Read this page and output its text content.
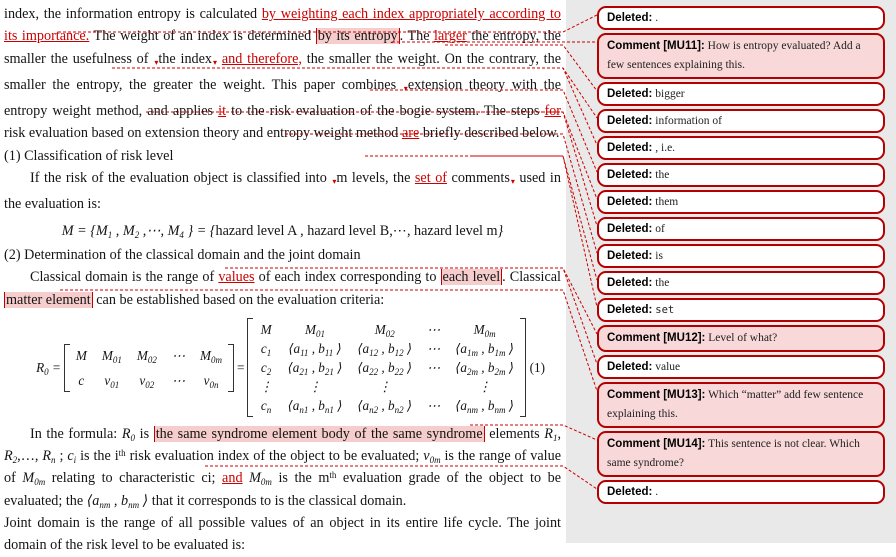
index, the information entropy is calculated by weighting each index appropriately according to its importance. The weight of an index is determined by its entropy . The larger the entropy, the smaller the usefulness of ▾the index▾ and therefore, the smaller the weight. On the contrary, the smaller the entropy, the greater the weight. This paper combines ▾extension theory with the entropy weight method, and applies it to the risk evaluation of the bogie system. The steps for risk evaluation based on extension theory and entropy weight method are briefly described below.
(1) Classification of risk level
If the risk of the evaluation object is classified into ▾m levels, the set of comments▾ used in the evaluation is:
$M = \{M_1$ , $M_2$ ,⋯, $M_4$ } = {hazard level A , hazard level B,⋯, hazard level m}
(2) Determination of the classical domain and the joint domain
Classical domain is the range of values of each index corresponding to each level . Classical matter element can be established based on the evaluation criteria:
$R_0$ =
M $M_{01}$ $M_{02}$ ⋯ $M_{0m}$
c $v_{01}$ $v_{02}$ ⋯ $v_{0n}$
=
M	$M_{01}$	$M_{02}$ ⋯	$M_{0m}$
$c_1$ $⟨a_{11}$ , $b_{11}$ ⟩ $⟨a_{12}$ , $b_{12}$ ⟩ ⋯ $⟨a_{1m}$ , $b_{1m}$ ⟩
$c_2$ $⟨a_{21}$ , $b_{21}$ ⟩ $⟨a_{22}$ , $b_{22}$ ⟩ ⋯ $⟨a_{2m}$ , $b_{2m}$ ⟩
⋮	⋮	⋮	⋮
$c_n$ $⟨a_{n1}$ , $b_{n1}$ ⟩ $⟨a_{n2}$ , $b_{n2}$ ⟩ ⋯ $⟨a_{nm}$ , $b_{nm}$ ⟩
(1)
In the formula: $R_0$ is the same syndrome element body of the same syndrome elements $R_1$, $R_2,\dots$, $R_n$ ; $c_i$ is the $i^{th}$ risk evaluation index of the object to be evaluated; $v_{0m}$ is the range of value of $M_{0m}$ relating to characteristic ci; and $M_{0m}$ is the $m^{th}$ evaluation grade of the object to be evaluated; the $⟨a_{nm}$ , $b_{nm}$ ⟩ that it corresponds to is the classical domain.
Joint domain is the range of all possible values of an object in its entire life cycle. The joint domain of the risk level to be evaluated is:
Deleted: .
Comment [MU11]: How is entropy evaluated? Add a few sentences explaining this.
Deleted: bigger
Deleted: information of
Deleted: , i.e.
Deleted: the
Deleted: them
Deleted: of
Deleted: is
Deleted: the
Deleted: set
Comment [MU12]: Level of what?
Deleted: value
Comment [MU13]: Which “matter” add few sentence explaining this.
Comment [MU14]: This sentence is not clear. Which same syndrome?
Deleted: .
